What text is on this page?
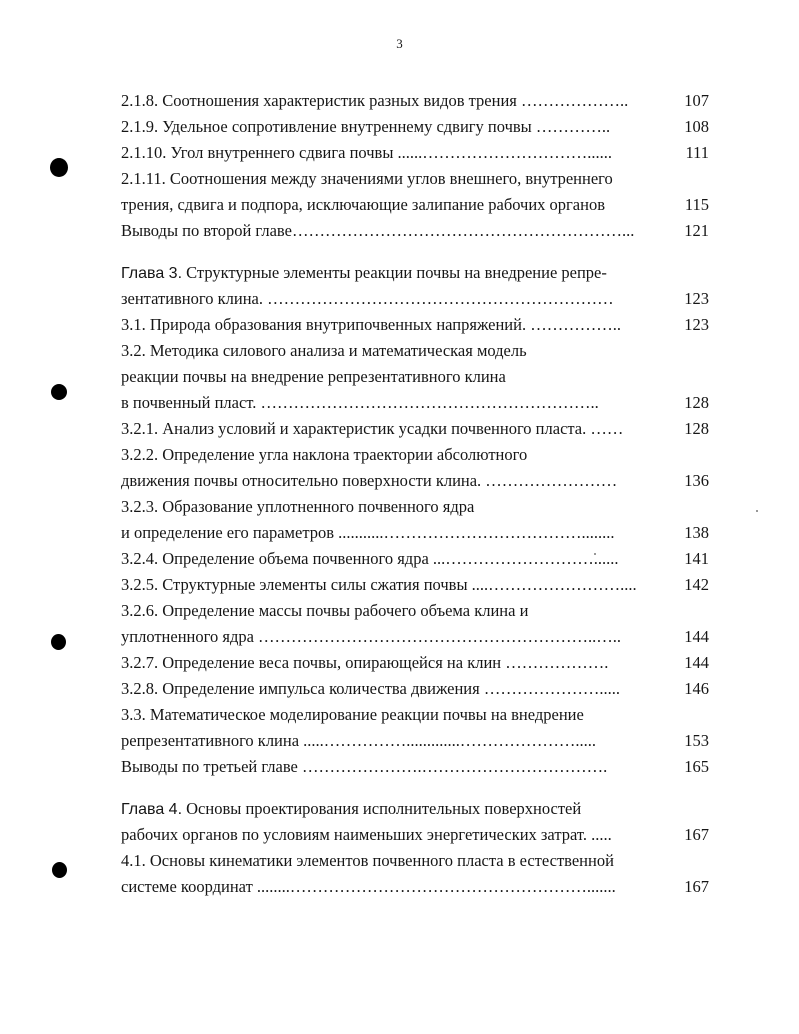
3
2.1.8. Соотношения характеристик разных видов трения ………………..	107
2.1.9. Удельное сопротивление внутреннему сдвигу почвы …………..	108
2.1.10. Угол внутреннего сдвига почвы ......…………………………......	111
2.1.11. Соотношения между значениями углов внешнего, внутреннего
трения, сдвига и подпора, исключающие залипание рабочих органов	115
Выводы по второй главе……………………………………………………...	121
Глава 3. Структурные элементы реакции почвы на внедрение репре-
зентативного клина. ………………………………………………………	123
3.1. Природа образования внутрипочвенных напряжений. ……………..	123
3.2. Методика силового анализа и математическая модель
реакции почвы на внедрение репрезентативного клина
в почвенный пласт. ……………………………………………………..	128
3.2.1. Анализ условий и характеристик усадки почвенного пласта. ……	128
3.2.2. Определение угла наклона траектории абсолютного
движения почвы относительно поверхности клина. ……………………	136
3.2.3. Образование уплотненного почвенного ядра
и определение его параметров ...........………………………………........	138
3.2.4. Определение объема почвенного ядра ...………………………......	141
3.2.5. Структурные элементы силы сжатия почвы ....……………………....	142
3.2.6. Определение массы почвы рабочего объема клина и
уплотненного ядра ……………………………………………………..…..	144
3.2.7. Определение веса почвы, опирающейся на клин ……………….	144
3.2.8. Определение импульса количества движения ………………….....	146
3.3. Математическое моделирование реакции почвы на внедрение
репрезентативного клина .....…………….............………………….....	153
Выводы по третьей главе ………………….…………………………….	165
Глава 4. Основы проектирования исполнительных поверхностей
рабочих органов по условиям наименьших энергетических затрат. .....	167
4.1. Основы кинематики элементов почвенного пласта в естественной
системе координат ........……………………………………………….......	167
